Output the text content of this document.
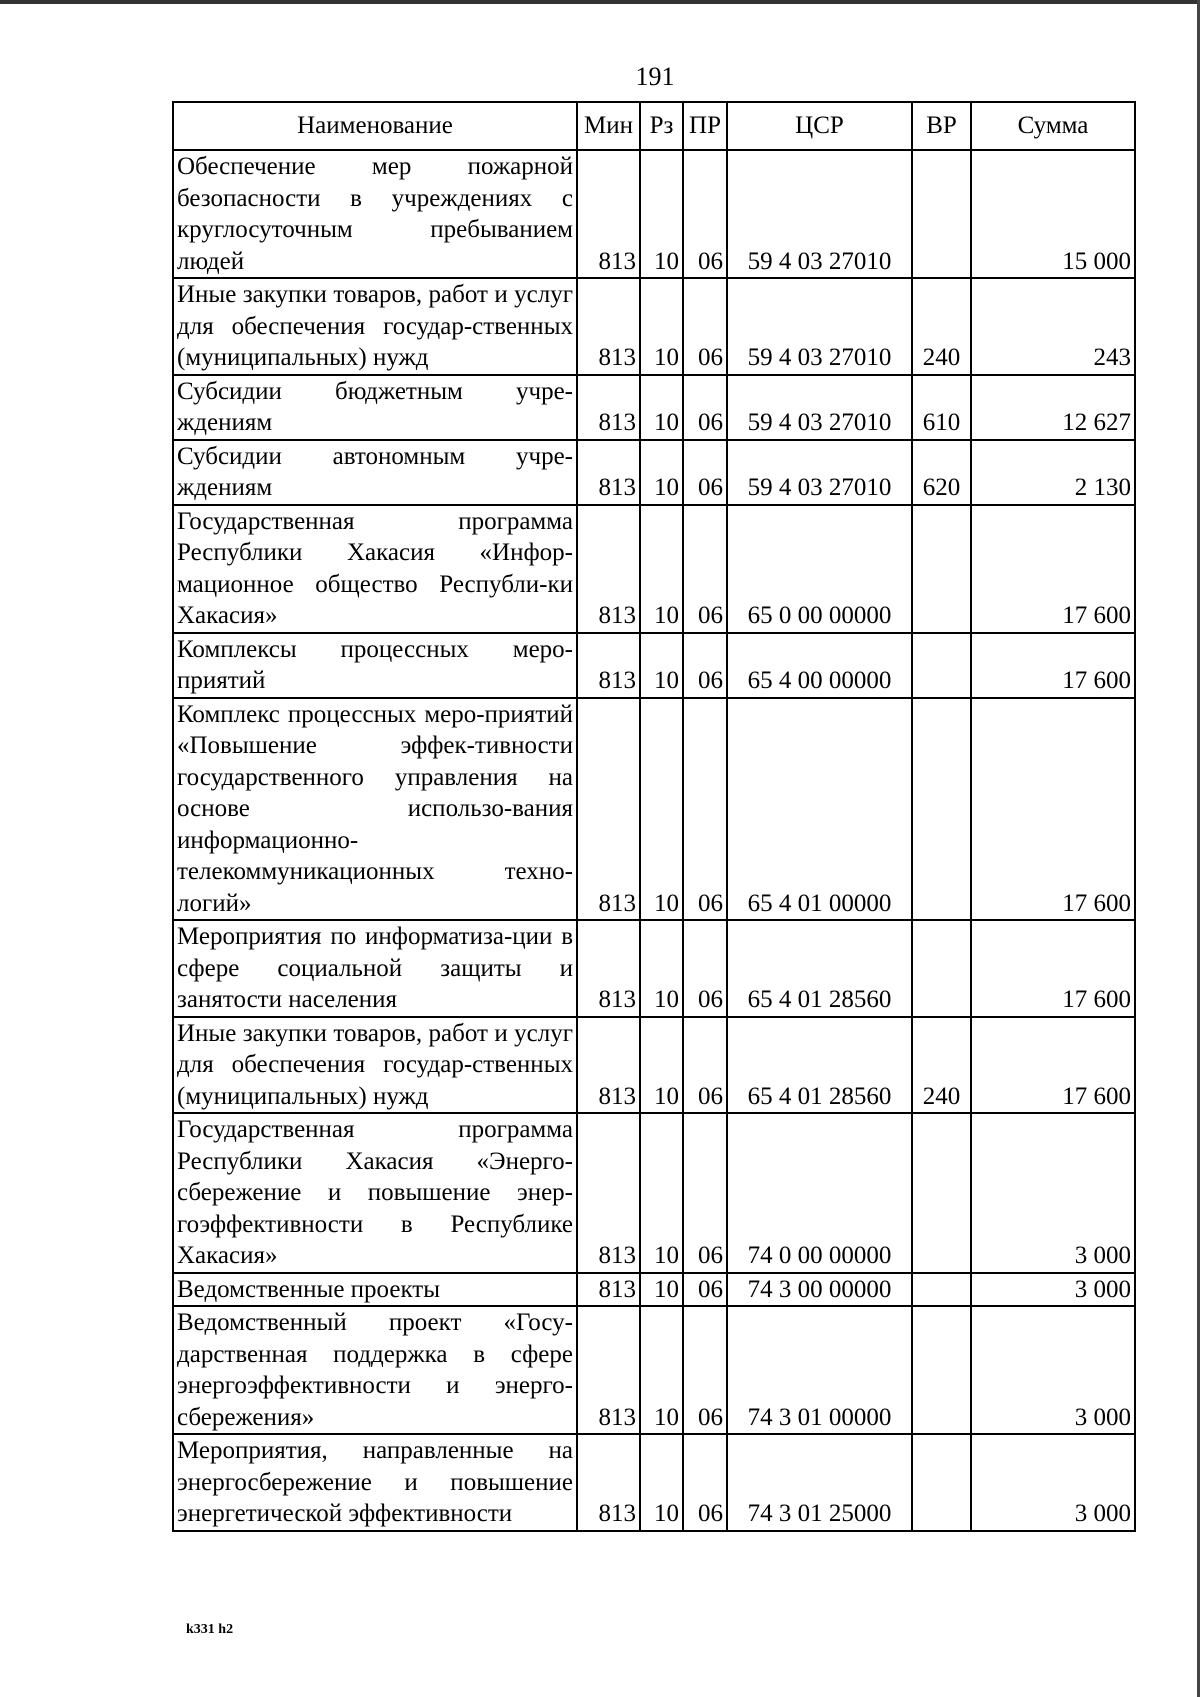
191
Наименование	Мин	Рз	ПР	ЦСР	ВР	Сумма
Обеспечение мер пожарной безопасности в учреждениях с круглосуточным пребыванием людей	813	10	06	59 4 03 27010		15 000
Иные закупки товаров, работ и услуг для обеспечения государ-ственных (муниципальных) нужд	813	10	06	59 4 03 27010	240	243
Субсидии бюджетным учре-ждениям	813	10	06	59 4 03 27010	610	12 627
Субсидии автономным учре-ждениям	813	10	06	59 4 03 27010	620	2 130
Государственная программа Республики Хакасия «Инфор-мационное общество Республи-ки Хакасия»	813	10	06	65 0 00 00000		17 600
Комплексы процессных меро-приятий	813	10	06	65 4 00 00000		17 600
Комплекс процессных меро-приятий «Повышение эффек-тивности государственного управления на основе использо-вания информационно-телекоммуникационных техно-логий»	813	10	06	65 4 01 00000		17 600
Мероприятия по информатиза-ции в сфере социальной защиты и занятости населения	813	10	06	65 4 01 28560		17 600
Иные закупки товаров, работ и услуг для обеспечения государ-ственных (муниципальных) нужд	813	10	06	65 4 01 28560	240	17 600
Государственная программа Республики Хакасия «Энерго-сбережение и повышение энер-гоэффективности в Республике Хакасия»	813	10	06	74 0 00 00000		3 000
Ведомственные проекты	813	10	06	74 3 00 00000		3 000
Ведомственный проект «Госу-дарственная поддержка в сфере энергоэффективности и энерго-сбережения»	813	10	06	74 3 01 00000		3 000
Мероприятия, направленные на энергосбережение и повышение энергетической эффективности	813	10	06	74 3 01 25000		3 000
k331 h2
